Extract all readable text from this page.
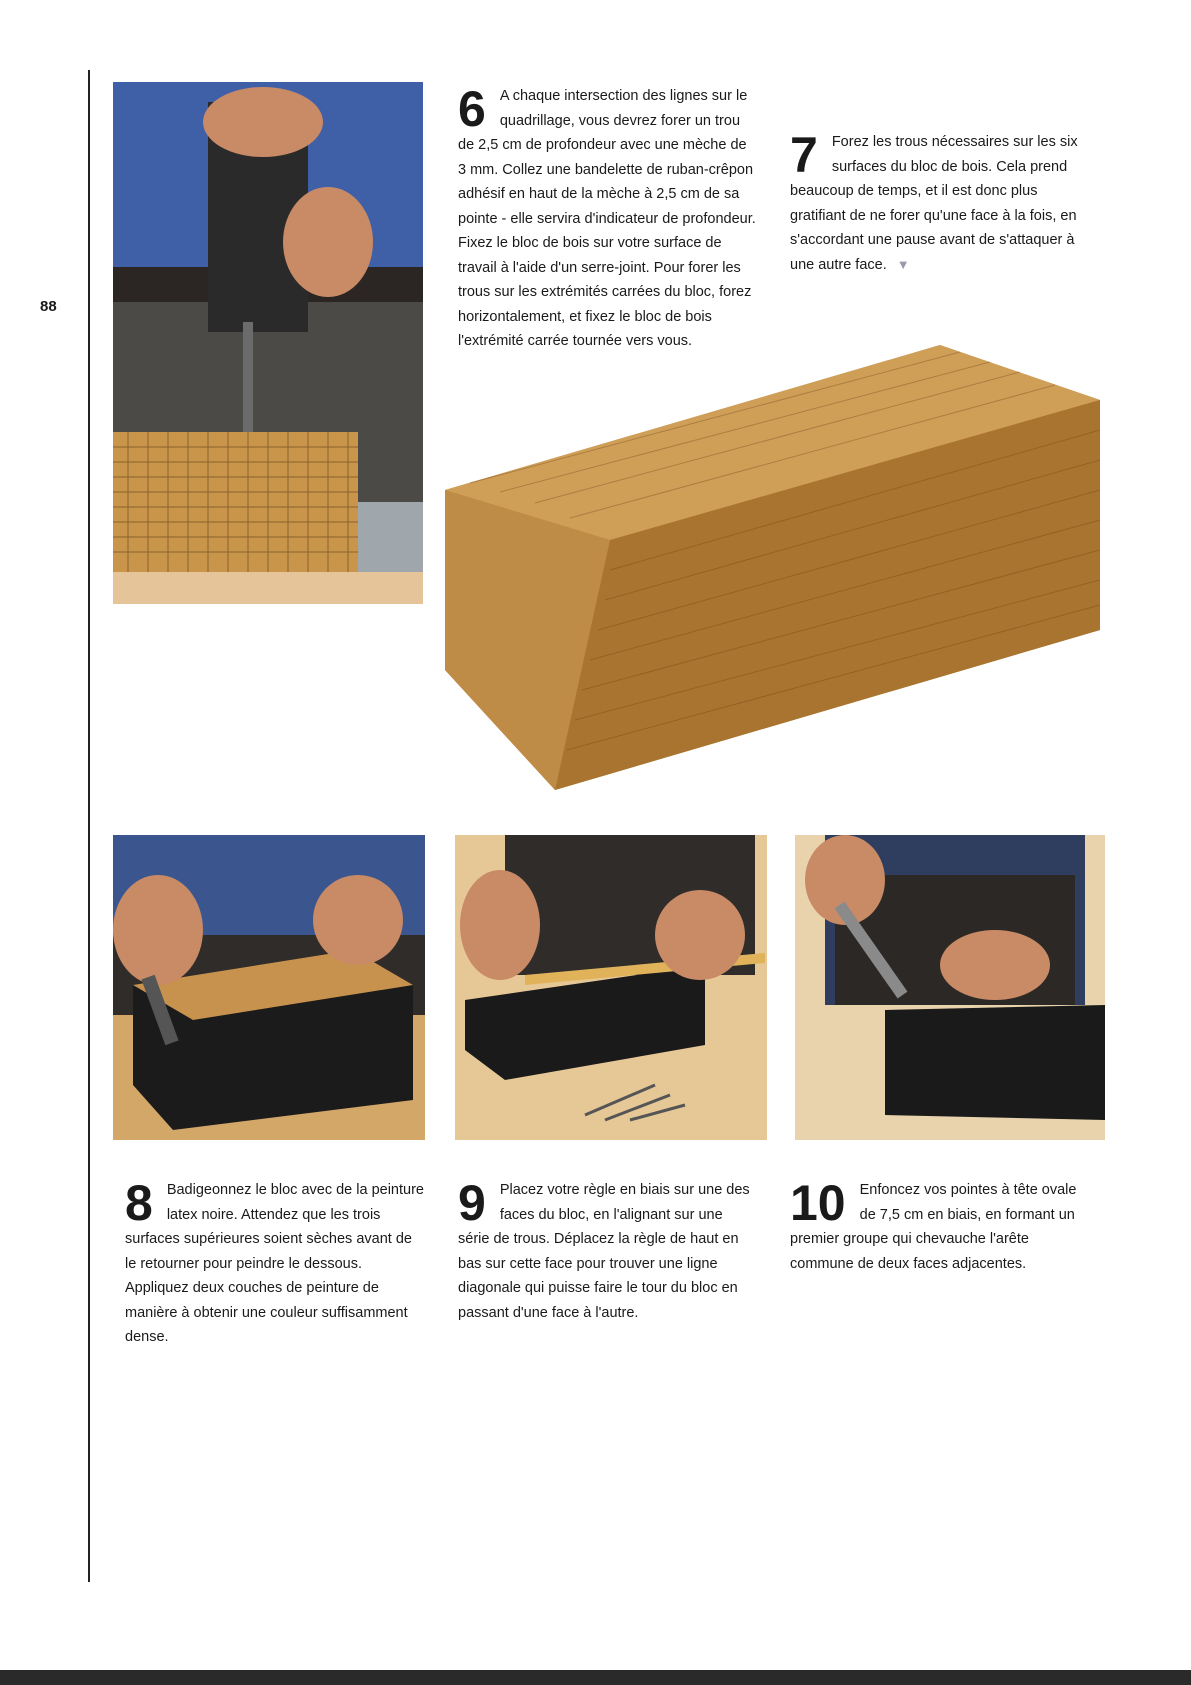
88
6 A chaque intersection des lignes sur le quadrillage, vous devrez forer un trou de 2,5 cm de profondeur avec une mèche de 3 mm. Collez une bandelette de ruban-crêpon adhésif en haut de la mèche à 2,5 cm de sa pointe - elle servira d'indicateur de profondeur. Fixez le bloc de bois sur votre surface de travail à l'aide d'un serre-joint. Pour forer les trous sur les extrémités carrées du bloc, forez horizontalement, et fixez le bloc de bois l'extrémité carrée tournée vers vous.
7 Forez les trous nécessaires sur les six surfaces du bloc de bois. Cela prend beaucoup de temps, et il est donc plus gratifiant de ne forer qu'une face à la fois, en s'accordant une pause avant de s'attaquer à une autre face. ▼
8 Badigeonnez le bloc avec de la peinture latex noire. Attendez que les trois surfaces supérieures soient sèches avant de le retourner pour peindre le dessous. Appliquez deux couches de peinture de manière à obtenir une couleur suffisamment dense.
9 Placez votre règle en biais sur une des faces du bloc, en l'alignant sur une série de trous. Déplacez la règle de haut en bas sur cette face pour trouver une ligne diagonale qui puisse faire le tour du bloc en passant d'une face à l'autre.
10 Enfoncez vos pointes à tête ovale de 7,5 cm en biais, en formant un premier groupe qui chevauche l'arête commune de deux faces adjacentes.
